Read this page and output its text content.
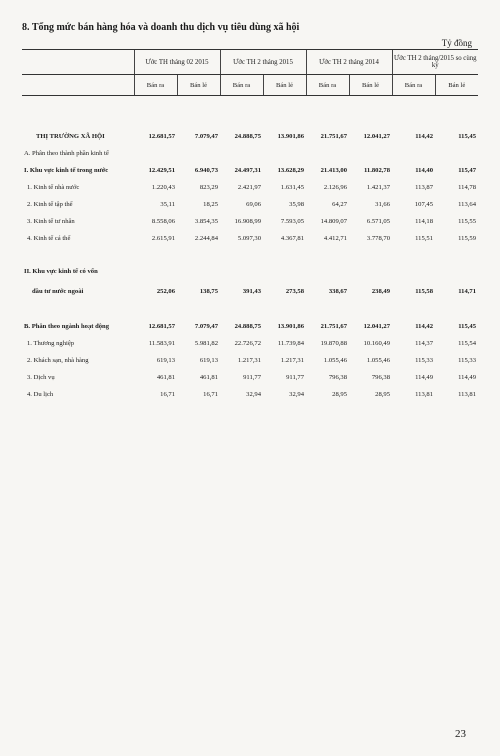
8. Tổng mức bán hàng hóa và doanh thu dịch vụ tiêu dùng xã hội
Tỷ đồng
	Ước TH tháng 02 2015		Ước TH 2 tháng 2015		Ước TH 2 tháng 2014		Ước TH 2 tháng/2015 so cùng kỳ	
	Bán ra	Bán lẻ	Bán ra	Bán lẻ	Bán ra	Bán lẻ	Bán ra	Bán lẻ

THỊ TRƯỜNG XÃ HỘI	12.681,57	7.079,47	24.888,75	13.901,86	21.751,67	12.041,27	114,42	115,45
A. Phân theo thành phần kinh tế								
I. Khu vực kinh tế trong nước	12.429,51	6.940,73	24.497,31	13.628,29	21.413,00	11.802,78	114,40	115,47
1. Kinh tế nhà nước	1.220,43	823,29	2.421,97	1.631,45	2.126,96	1.421,37	113,87	114,78
2. Kinh tế tập thể	35,11	18,25	69,06	35,98	64,27	31,66	107,45	113,64
3. Kinh tế tư nhân	8.558,06	3.854,35	16.908,99	7.593,05	14.809,07	6.571,05	114,18	115,55
4. Kinh tế cá thể	2.615,91	2.244,84	5.097,30	4.367,81	4.412,71	3.778,70	115,51	115,59

II. Khu vực kinh tế có vốn								
đầu tư nước ngoài	252,06	138,75	391,43	273,58	338,67	238,49	115,58	114,71

B. Phân theo ngành hoạt động	12.681,57	7.079,47	24.888,75	13.901,86	21.751,67	12.041,27	114,42	115,45
1. Thương nghiệp	11.583,91	5.981,82	22.726,72	11.739,84	19.870,88	10.160,49	114,37	115,54
2. Khách sạn, nhà hàng	619,13	619,13	1.217,31	1.217,31	1.055,46	1.055,46	115,33	115,33
3. Dịch vụ	461,81	461,81	911,77	911,77	796,38	796,38	114,49	114,49
4. Du lịch	16,71	16,71	32,94	32,94	28,95	28,95	113,81	113,81
23
